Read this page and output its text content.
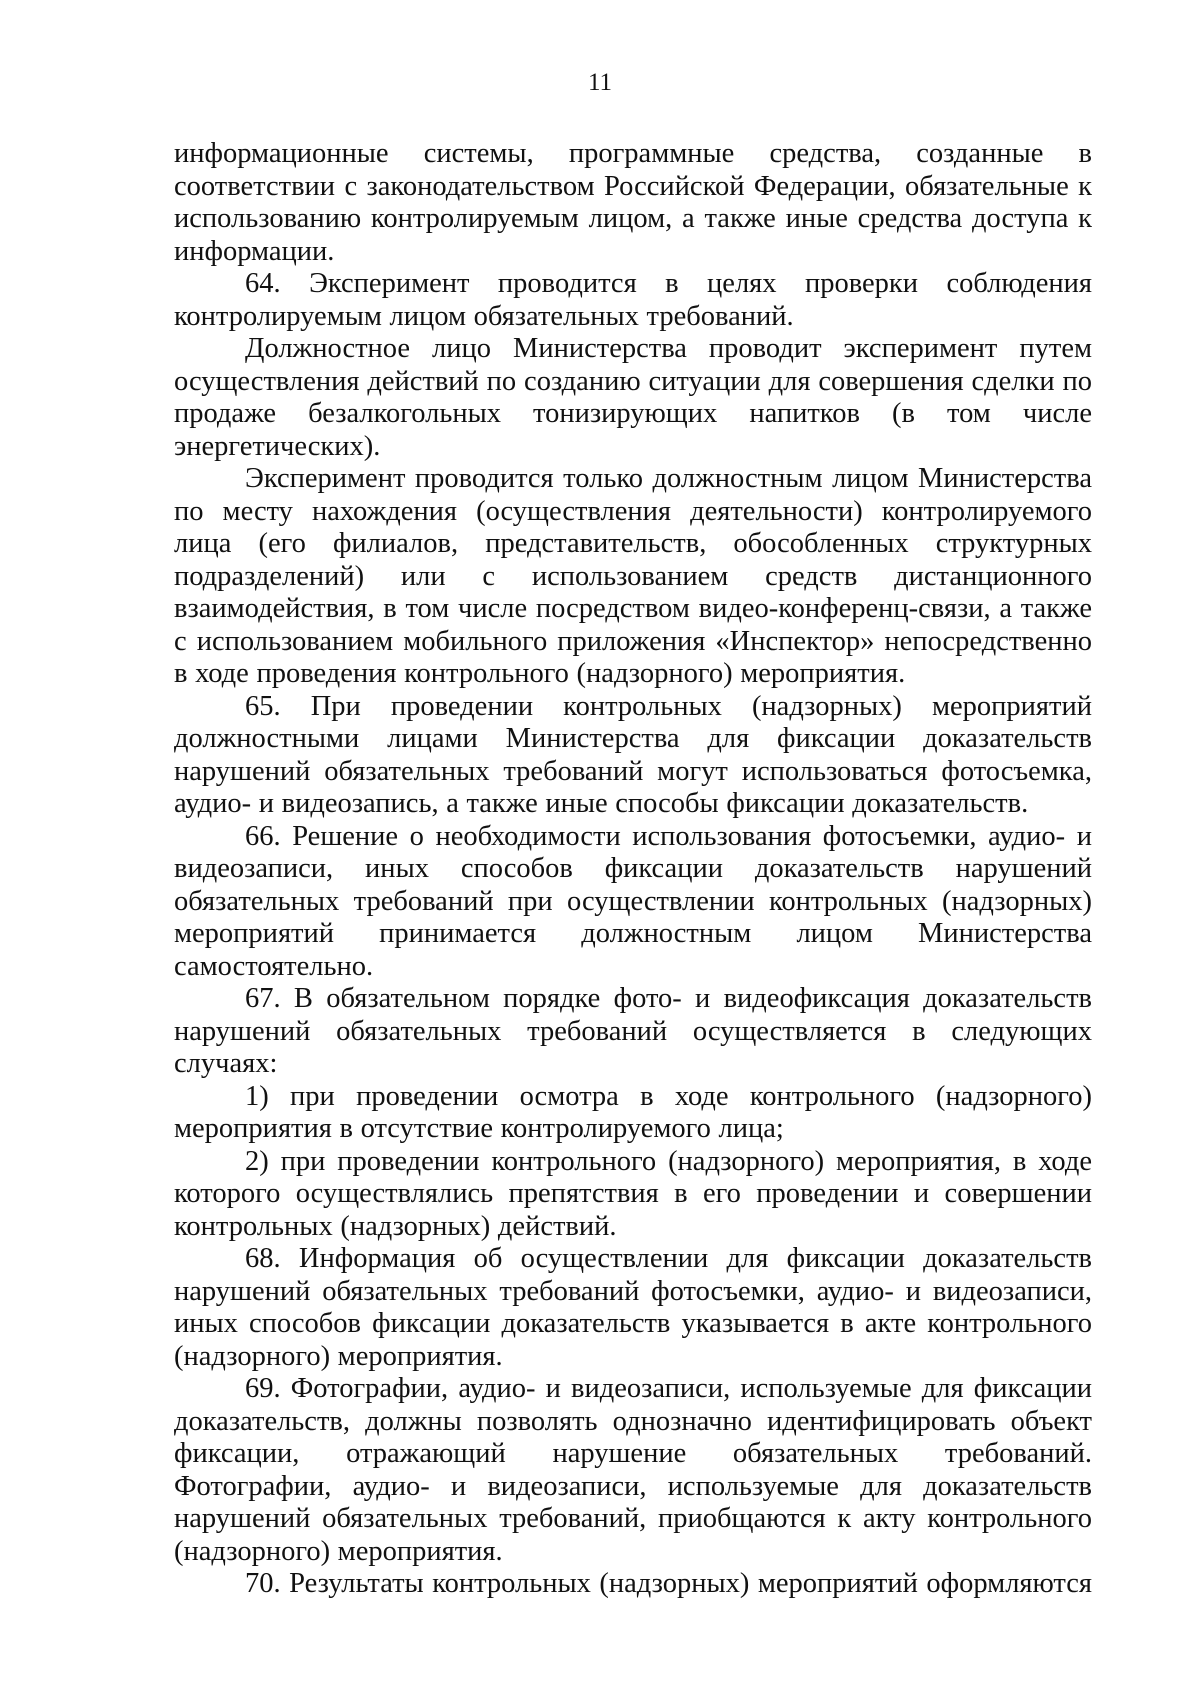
11

информационные системы, программные средства, созданные в соответствии с законодательством Российской Федерации, обязательные к использованию контролируемым лицом, а также иные средства доступа к информации.

64. Эксперимент проводится в целях проверки соблюдения контролируемым лицом обязательных требований.

Должностное лицо Министерства проводит эксперимент путем осуществления действий по созданию ситуации для совершения сделки по продаже безалкогольных тонизирующих напитков (в том числе энергетических).

Эксперимент проводится только должностным лицом Министерства по месту нахождения (осуществления деятельности) контролируемого лица (его филиалов, представительств, обособленных структурных подразделений) или с использованием средств дистанционного взаимодействия, в том числе посредством видео-конференц-связи, а также с использованием мобильного приложения «Инспектор» непосредственно в ходе проведения контрольного (надзорного) мероприятия.

65. При проведении контрольных (надзорных) мероприятий должностными лицами Министерства для фиксации доказательств нарушений обязательных требований могут использоваться фотосъемка, аудио- и видеозапись, а также иные способы фиксации доказательств.

66. Решение о необходимости использования фотосъемки, аудио- и видеозаписи, иных способов фиксации доказательств нарушений обязательных требований при осуществлении контрольных (надзорных) мероприятий принимается должностным лицом Министерства самостоятельно.

67. В обязательном порядке фото- и видеофиксация доказательств нарушений обязательных требований осуществляется в следующих случаях:

1) при проведении осмотра в ходе контрольного (надзорного) мероприятия в отсутствие контролируемого лица;

2) при проведении контрольного (надзорного) мероприятия, в ходе которого осуществлялись препятствия в его проведении и совершении контрольных (надзорных) действий.

68. Информация об осуществлении для фиксации доказательств нарушений обязательных требований фотосъемки, аудио- и видеозаписи, иных способов фиксации доказательств указывается в акте контрольного (надзорного) мероприятия.

69. Фотографии, аудио- и видеозаписи, используемые для фиксации доказательств, должны позволять однозначно идентифицировать объект фиксации, отражающий нарушение обязательных требований. Фотографии, аудио- и видеозаписи, используемые для доказательств нарушений обязательных требований, приобщаются к акту контрольного (надзорного) мероприятия.

70. Результаты контрольных (надзорных) мероприятий оформляются
